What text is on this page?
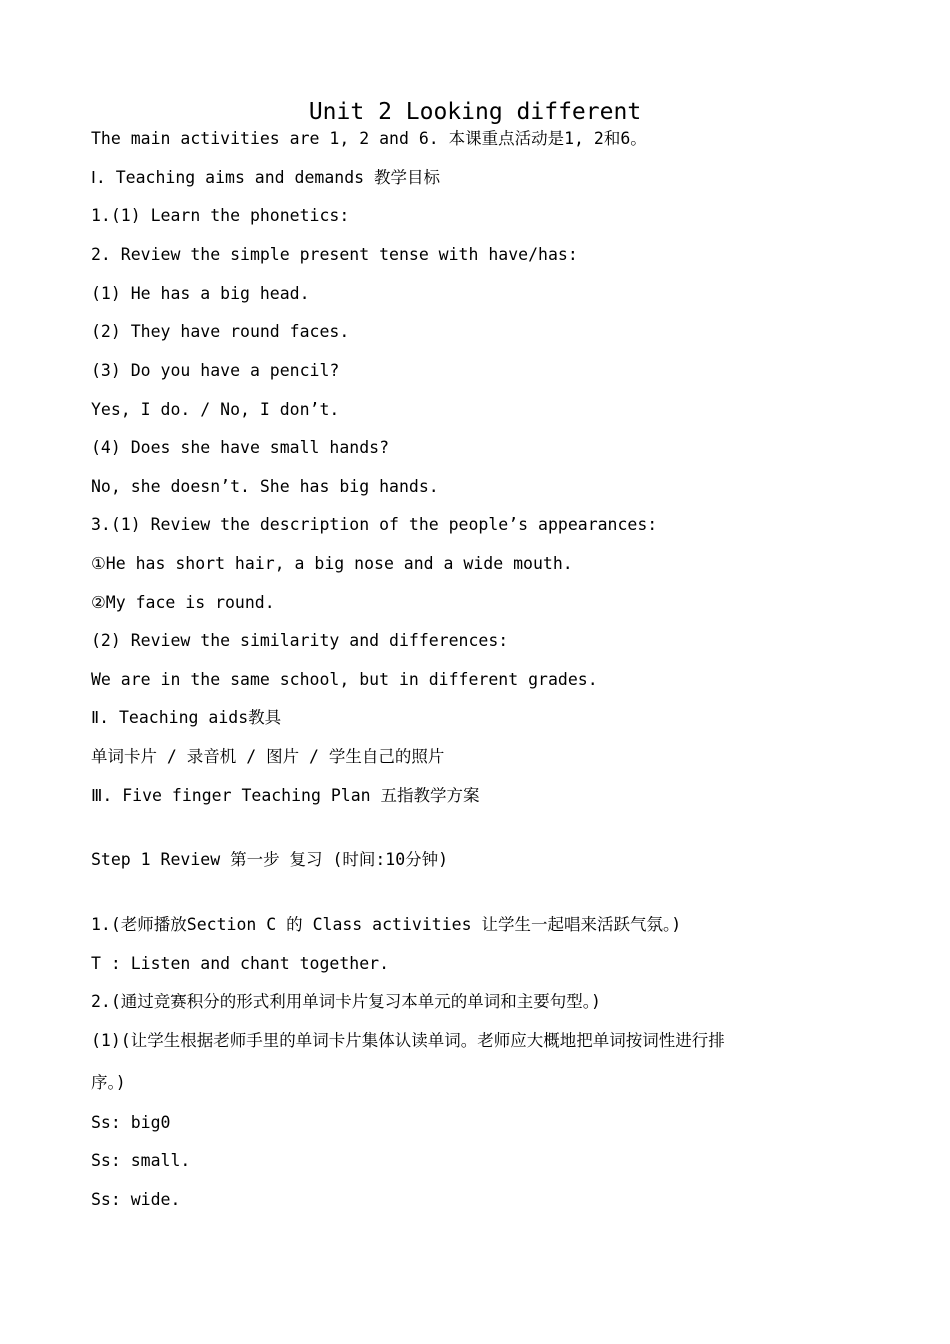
Unit 2 Looking different
The main activities are 1, 2 and 6. 本课重点活动是1, 2和6。
Ⅰ. Teaching aims and demands 教学目标
1.(1) Learn the phonetics:
2. Review the simple present tense with have/has:
(1) He has a big head.
(2) They have round faces.
(3) Do you have a pencil?
Yes, I do. / No, I don’t.
(4) Does she have small hands?
No, she doesn’t. She has big hands.
3.(1) Review the description of the people’s appearances:
①He has short hair, a big nose and a wide mouth.
②My face is round.
(2) Review the similarity and differences:
We are in the same school, but in different grades.
Ⅱ. Teaching aids教具
单词卡片 / 录音机 / 图片 / 学生自己的照片
Ⅲ. Five finger Teaching Plan 五指教学方案
Step 1 Review 第一步 复习 (时间:10分钟)
1.(老师播放Section C 的 Class activities 让学生一起唱来活跃气氛。)
T : Listen and chant together.
2.(通过竞赛积分的形式利用单词卡片复习本单元的单词和主要句型。)
(1)(让学生根据老师手里的单词卡片集体认读单词。老师应大概地把单词按词性进行排
序。)
Ss: big0
Ss: small.
Ss: wide.
